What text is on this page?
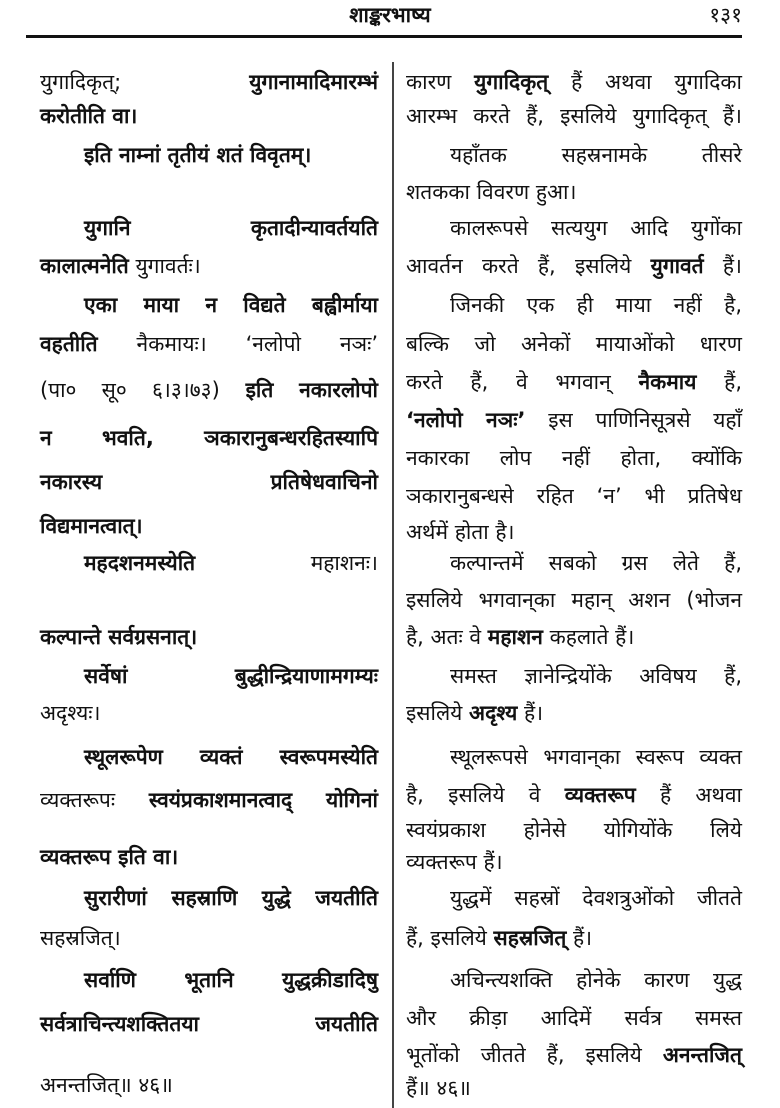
शाङ्करभाष्य	१३१
युगादिकृत्; युगानामादिमारम्भं
करोतीति वा।
इति नाम्नां तृतीयं शतं विवृतम्।
युगानि कृतादीन्यावर्तयति
कालात्मनेति युगावर्तः।
एका माया न विद्यते बह्वीर्माया
वहतीति नैकमायः। ‘नलोपो नञः’
(पा० सू० ६।३।७३) इति नकारलोपो
न भवति, ञकारानुबन्धरहितस्यापि
नकारस्य प्रतिषेधवाचिनो
विद्यमानत्वात्।
महदशनमस्येति महाशनः।
कल्पान्ते सर्वग्रसनात्।
सर्वेषां बुद्धीन्द्रियाणामगम्यः
अदृश्यः।
स्थूलरूपेण व्यक्तं स्वरूपमस्येति
व्यक्तरूपः स्वयंप्रकाशमानत्वाद् योगिनां
व्यक्तरूप इति वा।
सुरारीणां सहस्राणि युद्धे जयतीति
सहस्रजित्।
सर्वाणि भूतानि युद्धक्रीडादिषु
सर्वत्राचिन्त्यशक्तितया जयतीति
अनन्तजित्॥ ४६॥
कारण युगादिकृत् हैं अथवा युगादिका
आरम्भ करते हैं, इसलिये युगादिकृत् हैं।
यहाँतक सहस्रनामके तीसरे
शतकका विवरण हुआ।
कालरूपसे सत्ययुग आदि युगोंका
आवर्तन करते हैं, इसलिये युगावर्त हैं।
जिनकी एक ही माया नहीं है,
बल्कि जो अनेकों मायाओंको धारण
करते हैं, वे भगवान् नैकमाय हैं,
‘नलोपो नञः’ इस पाणिनिसूत्रसे यहाँ
नकारका लोप नहीं होता, क्योंकि
ञकारानुबन्धसे रहित ‘न’ भी प्रतिषेध
अर्थमें होता है।
कल्पान्तमें सबको ग्रस लेते हैं,
इसलिये भगवान्‌का महान् अशन (भोजन
है, अतः वे महाशन कहलाते हैं।
समस्त ज्ञानेन्द्रियोंके अविषय हैं,
इसलिये अदृश्य हैं।
स्थूलरूपसे भगवान्‌का स्वरूप व्यक्त
है, इसलिये वे व्यक्तरूप हैं अथवा
स्वयंप्रकाश होनेसे योगियोंके लिये
व्यक्तरूप हैं।
युद्धमें सहस्रों देवशत्रुओंको जीतते
हैं, इसलिये सहस्रजित् हैं।
अचिन्त्यशक्ति होनेके कारण युद्ध
और क्रीड़ा आदिमें सर्वत्र समस्त
भूतोंको जीतते हैं, इसलिये अनन्तजित्
हैं॥ ४६॥
